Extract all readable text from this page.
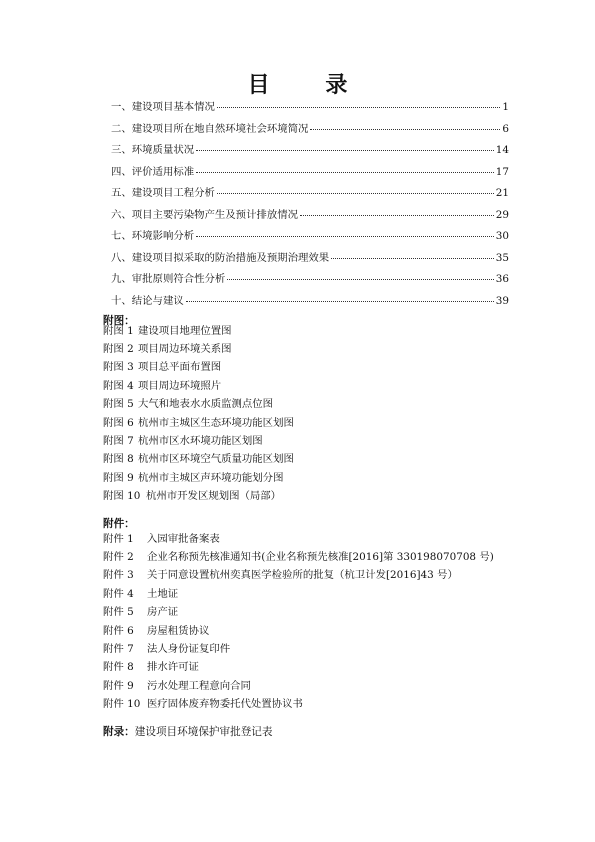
目 录
一、建设项目基本情况	1
二、建设项目所在地自然环境社会环境简况	6
三、环境质量状况	14
四、评价适用标准	17
五、建设项目工程分析	21
六、项目主要污染物产生及预计排放情况	29
七、环境影响分析	30
八、建设项目拟采取的防治措施及预期治理效果	35
九、审批原则符合性分析	36
十、结论与建议	39
附图：
附图 1 建设项目地理位置图
附图 2 项目周边环境关系图
附图 3 项目总平面布置图
附图 4 项目周边环境照片
附图 5 大气和地表水水质监测点位图
附图 6 杭州市主城区生态环境功能区划图
附图 7 杭州市区水环境功能区划图
附图 8 杭州市区环境空气质量功能区划图
附图 9 杭州市主城区声环境功能划分图
附图 10 杭州市开发区规划图（局部）
附件：
附件 1	入园审批备案表
附件 2	企业名称预先核准通知书(企业名称预先核准[2016]第 330198070708 号)
附件 3	关于同意设置杭州奕真医学检验所的批复（杭卫计发[2016]43 号）
附件 4	土地证
附件 5	房产证
附件 6	房屋租赁协议
附件 7	法人身份证复印件
附件 8	排水许可证
附件 9	污水处理工程意向合同
附件 10 医疗固体废弃物委托代处置协议书
附录：建设项目环境保护审批登记表
